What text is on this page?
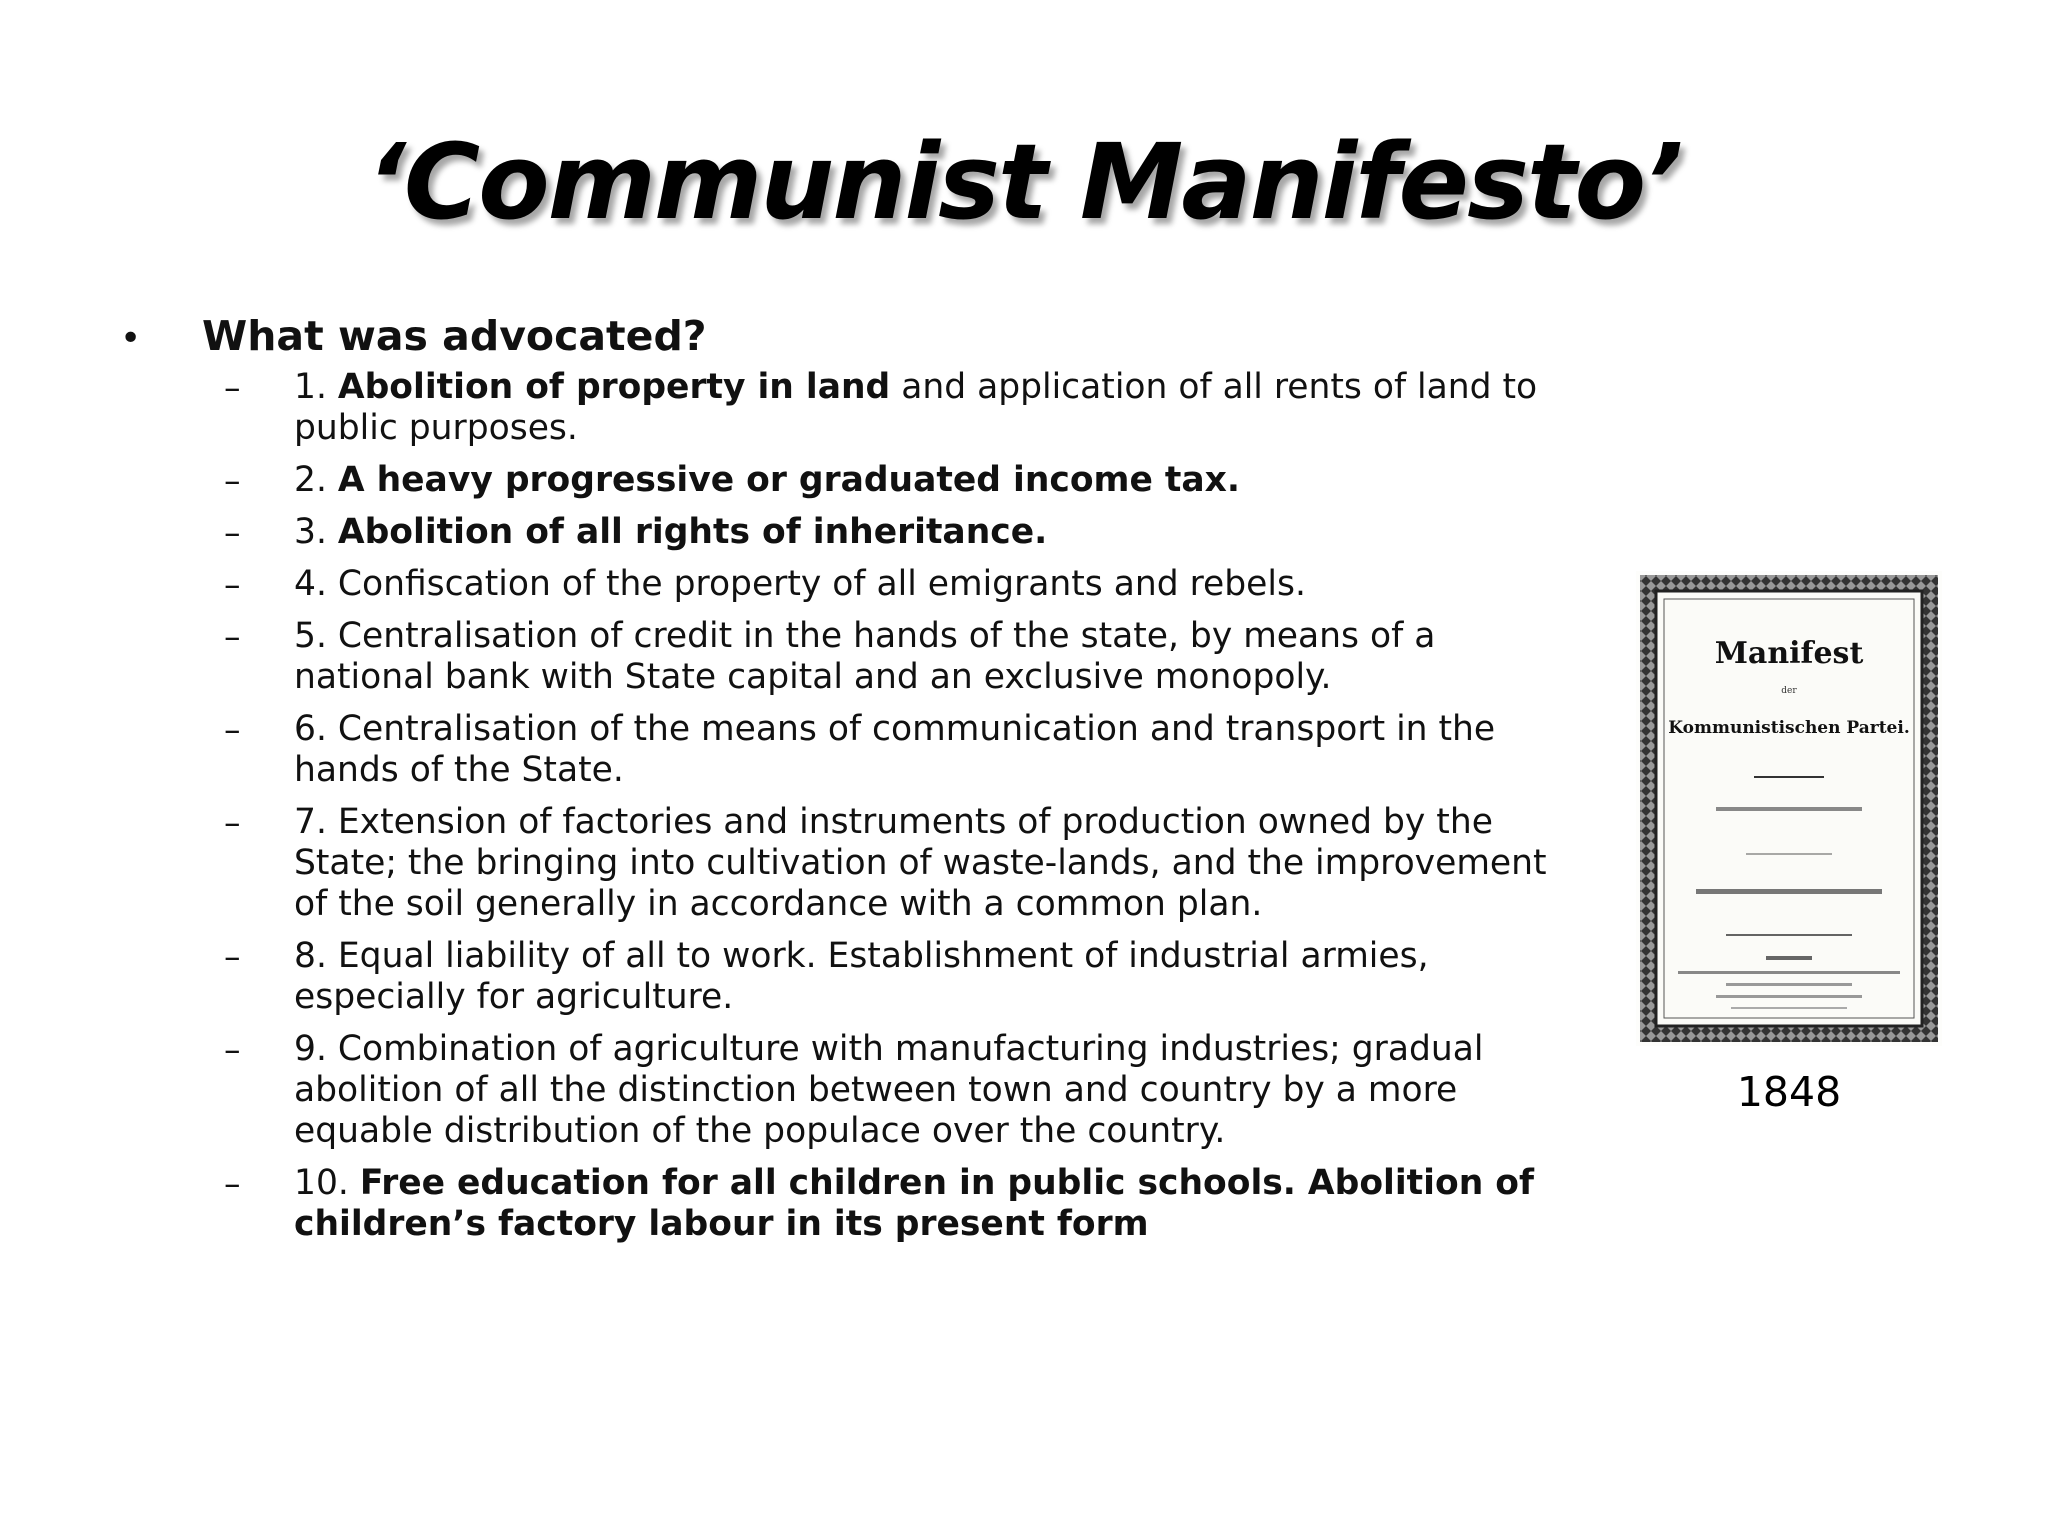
‘Communist Manifesto’
•	What was advocated?
–	1. Abolition of property in land and application of all rents of land to public purposes.
–	2. A heavy progressive or graduated income tax.
–	3. Abolition of all rights of inheritance.
–	4. Confiscation of the property of all emigrants and rebels.
–	5. Centralisation of credit in the hands of the state, by means of a national bank with State capital and an exclusive monopoly.
–	6. Centralisation of the means of communication and transport in the hands of the State.
–	7. Extension of factories and instruments of production owned by the State; the bringing into cultivation of waste-lands, and the improvement of the soil generally in accordance with a common plan.
–	8. Equal liability of all to work. Establishment of industrial armies, especially for agriculture.
–	9. Combination of agriculture with manufacturing industries; gradual abolition of all the distinction between town and country by a more equable distribution of the populace over the country.
–	10. Free education for all children in public schools. Abolition of children’s factory labour in its present form
Manifest
der
Kommunistischen Partei.
1848
